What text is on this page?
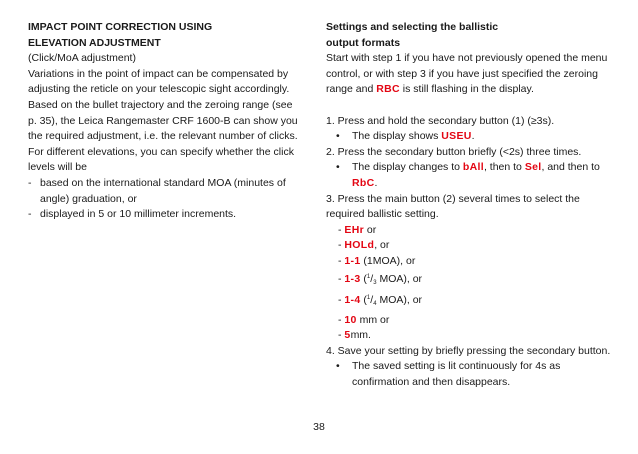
IMPACT POINT CORRECTION USING
ELEVATION ADJUSTMENT

(Click/MoA adjustment)

Variations in the point of impact can be compensated by adjusting the reticle on your telescopic sight accordingly. Based on the bullet trajectory and the zeroing range (see p. 35), the Leica Rangemaster CRF 1600-B can show you the required adjustment, i.e. the relevant number of clicks. For different elevations, you can specify whether the click levels will be

- based on the international standard MOA (minutes of angle) graduation, or
- displayed in 5 or 10 millimeter increments.
Settings and selecting the ballistic
output formats

Start with step 1 if you have not previously opened the menu control, or with step 3 if you have just specified the zeroing range and RBC is still flashing in the display.

1. Press and hold the secondary button (1) (≥3s).
•	The display shows USEU.
2. Press the secondary button briefly (<2s) three times.
•	The display changes to bAll, then to Sel, and then to RbC.
3. Press the main button (2) several times to select the required ballistic setting.
- EHr or
- HOLd, or
- 1-1 (1MOA), or
- 1-3 ($^1/_3$ MOA), or
- 1-4 ($^1/_4$ MOA), or
- 10 mm or
- 5mm.
4. Save your setting by briefly pressing the secondary button.
•	The saved setting is lit continuously for 4s as confirmation and then disappears.
38
